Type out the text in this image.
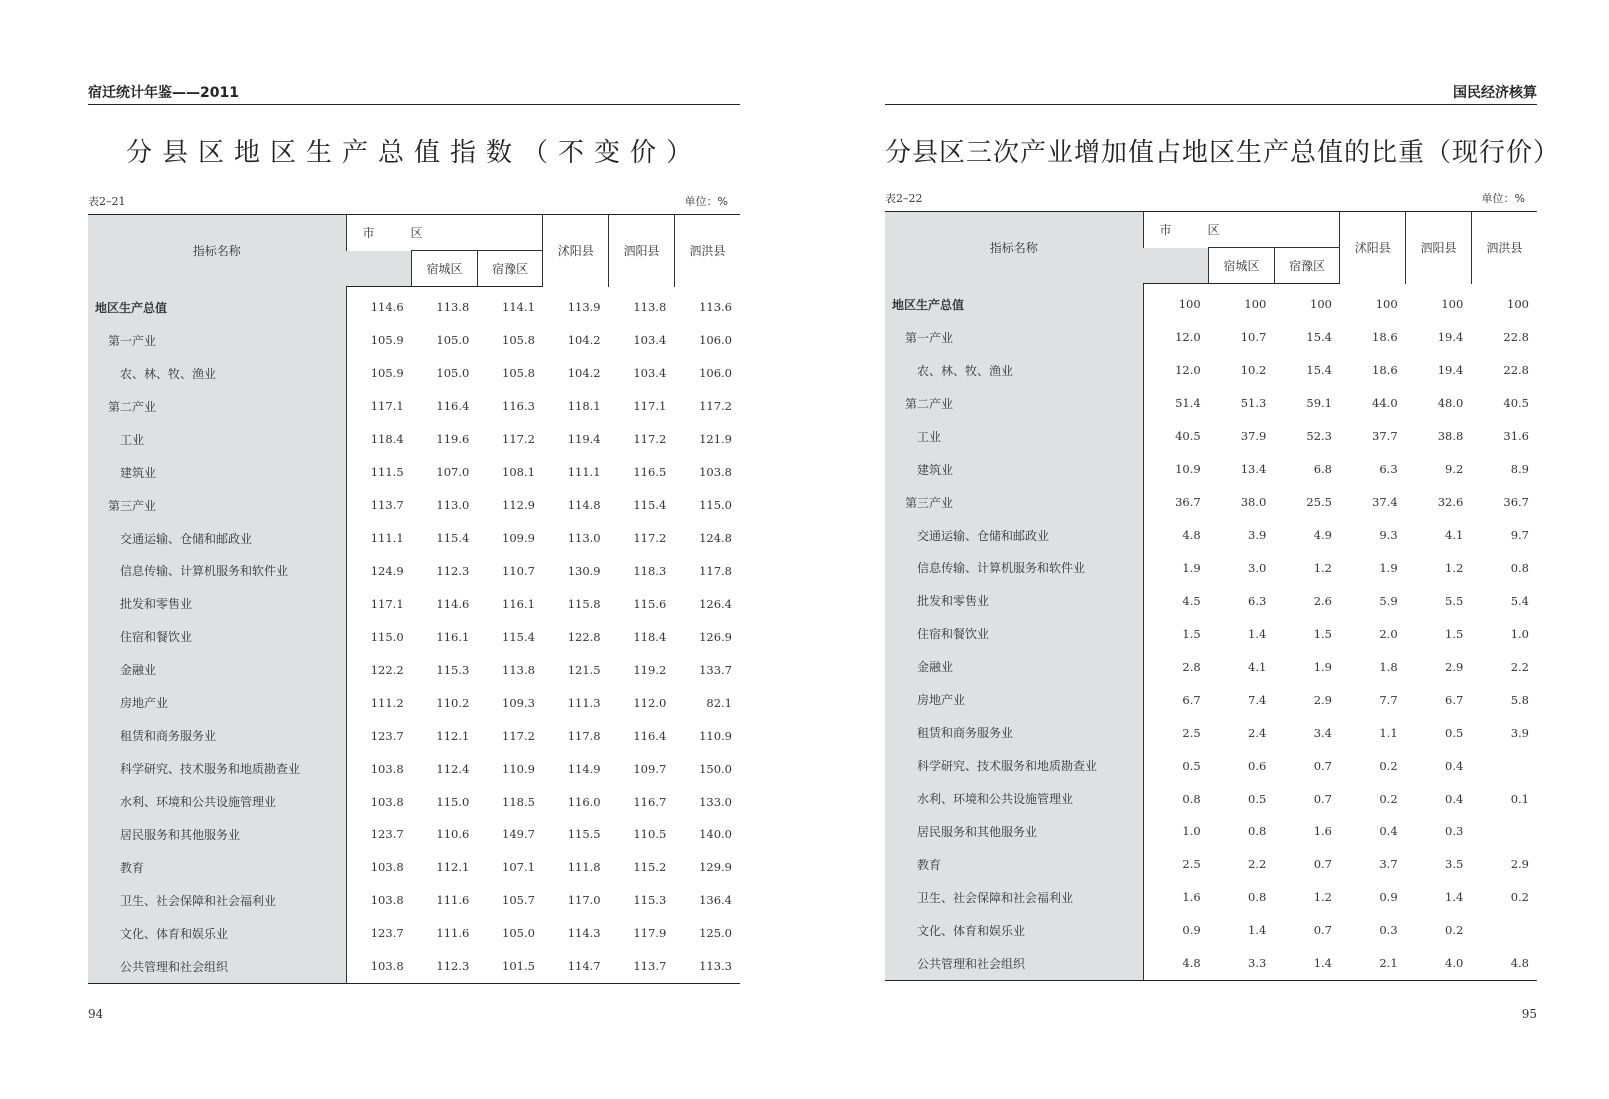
宿迁统计年鉴——2011
分县区地区生产总值指数（不变价）
表2–21	单位：%
指标名称	市　区			沭阳县	泗阳县	泗洪县
		宿城区	宿豫区			
地区生产总值	114.6	113.8	114.1	113.9	113.8	113.6
第一产业	105.9	105.0	105.8	104.2	103.4	106.0
农、林、牧、渔业	105.9	105.0	105.8	104.2	103.4	106.0
第二产业	117.1	116.4	116.3	118.1	117.1	117.2
工业	118.4	119.6	117.2	119.4	117.2	121.9
建筑业	111.5	107.0	108.1	111.1	116.5	103.8
第三产业	113.7	113.0	112.9	114.8	115.4	115.0
交通运输、仓储和邮政业	111.1	115.4	109.9	113.0	117.2	124.8
信息传输、计算机服务和软件业	124.9	112.3	110.7	130.9	118.3	117.8
批发和零售业	117.1	114.6	116.1	115.8	115.6	126.4
住宿和餐饮业	115.0	116.1	115.4	122.8	118.4	126.9
金融业	122.2	115.3	113.8	121.5	119.2	133.7
房地产业	111.2	110.2	109.3	111.3	112.0	82.1
租赁和商务服务业	123.7	112.1	117.2	117.8	116.4	110.9
科学研究、技术服务和地质勘查业	103.8	112.4	110.9	114.9	109.7	150.0
水利、环境和公共设施管理业	103.8	115.0	118.5	116.0	116.7	133.0
居民服务和其他服务业	123.7	110.6	149.7	115.5	110.5	140.0
教育	103.8	112.1	107.1	111.8	115.2	129.9
卫生、社会保障和社会福利业	103.8	111.6	105.7	117.0	115.3	136.4
文化、体育和娱乐业	123.7	111.6	105.0	114.3	117.9	125.0
公共管理和社会组织	103.8	112.3	101.5	114.7	113.7	113.3
94
国民经济核算
分县区三次产业增加值占地区生产总值的比重（现行价）
表2–22	单位：%
指标名称	市　区			沭阳县	泗阳县	泗洪县
		宿城区	宿豫区			
地区生产总值	100	100	100	100	100	100
第一产业	12.0	10.7	15.4	18.6	19.4	22.8
农、林、牧、渔业	12.0	10.2	15.4	18.6	19.4	22.8
第二产业	51.4	51.3	59.1	44.0	48.0	40.5
工业	40.5	37.9	52.3	37.7	38.8	31.6
建筑业	10.9	13.4	6.8	6.3	9.2	8.9
第三产业	36.7	38.0	25.5	37.4	32.6	36.7
交通运输、仓储和邮政业	4.8	3.9	4.9	9.3	4.1	9.7
信息传输、计算机服务和软件业	1.9	3.0	1.2	1.9	1.2	0.8
批发和零售业	4.5	6.3	2.6	5.9	5.5	5.4
住宿和餐饮业	1.5	1.4	1.5	2.0	1.5	1.0
金融业	2.8	4.1	1.9	1.8	2.9	2.2
房地产业	6.7	7.4	2.9	7.7	6.7	5.8
租赁和商务服务业	2.5	2.4	3.4	1.1	0.5	3.9
科学研究、技术服务和地质勘查业	0.5	0.6	0.7	0.2	0.4	
水利、环境和公共设施管理业	0.8	0.5	0.7	0.2	0.4	0.1
居民服务和其他服务业	1.0	0.8	1.6	0.4	0.3	
教育	2.5	2.2	0.7	3.7	3.5	2.9
卫生、社会保障和社会福利业	1.6	0.8	1.2	0.9	1.4	0.2
文化、体育和娱乐业	0.9	1.4	0.7	0.3	0.2	
公共管理和社会组织	4.8	3.3	1.4	2.1	4.0	4.8
95
